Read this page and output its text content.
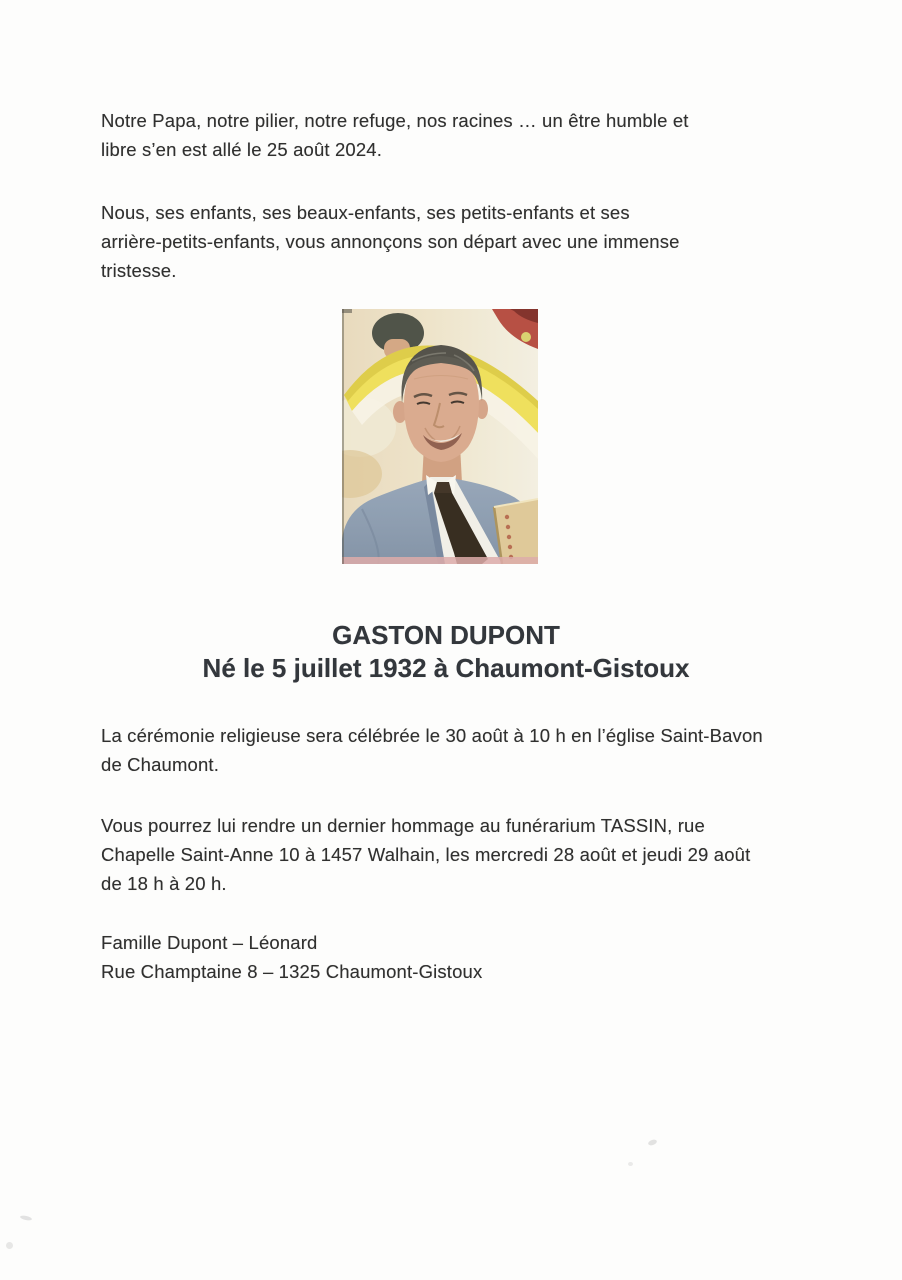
Notre Papa, notre pilier, notre refuge, nos racines … un être humble et
libre s’en est allé le 25 août 2024.

Nous, ses enfants, ses beaux-enfants, ses petits-enfants et ses
arrière-petits-enfants, vous annonçons son départ avec une immense
tristesse.

GASTON DUPONT
Né le 5 juillet 1932 à Chaumont-Gistoux

La cérémonie religieuse sera célébrée le 30 août à 10 h en l’église Saint-Bavon
de Chaumont.

Vous pourrez lui rendre un dernier hommage au funérarium TASSIN, rue
Chapelle Saint-Anne 10 à 1457 Walhain, les mercredi 28 août et jeudi 29 août
de 18 h à 20 h.

Famille Dupont – Léonard
Rue Champtaine 8 – 1325 Chaumont-Gistoux
